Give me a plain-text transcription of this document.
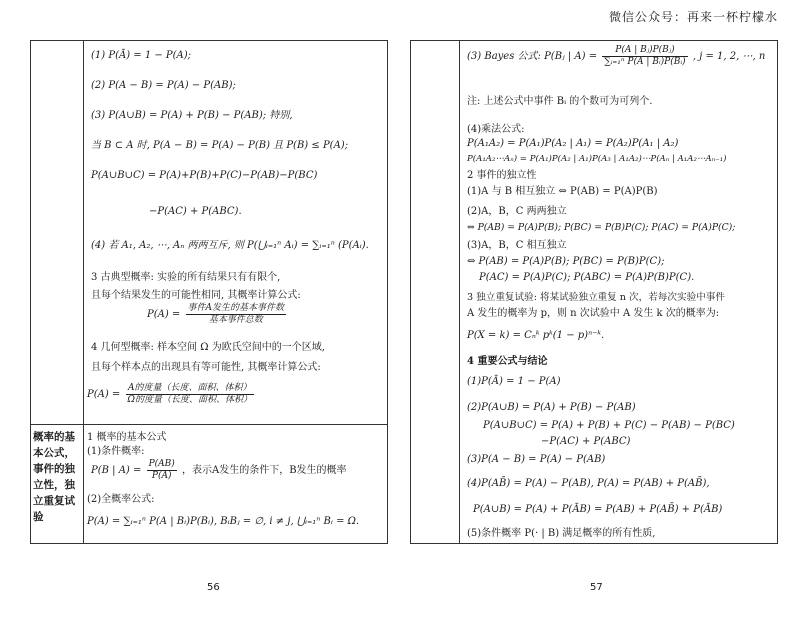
微信公众号：再来一杯柠檬水
概率的基本公式，事件的独立性，独立重复试验
(1) P(Ā) = 1 − P(A);
(2) P(A − B) = P(A) − P(AB);
(3) P(A∪B) = P(A) + P(B) − P(AB); 特别,
当 B ⊂ A 时, P(A − B) = P(A) − P(B) 且 P(B) ≤ P(A);
P(A∪B∪C) = P(A)+P(B)+P(C)−P(AB)−P(BC)
−P(AC) + P(ABC).
(4) 若 A₁, A₂, ⋯, Aₙ 两两互斥, 则 P(⋃ᵢ₌₁ⁿ Aᵢ) = ∑ᵢ₌₁ⁿ (P(Aᵢ).
3 古典型概率: 实验的所有结果只有有限个,
且每个结果发生的可能性相同, 其概率计算公式:
$P(A) = \frac{\text{事件A发生的基本事件数}}{\text{基本事件总数}}$
4 几何型概率: 样本空间 Ω 为欧氏空间中的一个区域,
且每个样本点的出现具有等可能性, 其概率计算公式:
$P(A) = \frac{\text{A的度量（长度、面积、体积）}}{\text{Ω的度量（长度、面积、体积）}}$
1 概率的基本公式
(1)条件概率:
P(B | $A) = \frac{P(AB)}{P(A)}$ ，表示A发生的条件下，B发生的概率
(2)全概率公式:
P(A) = ∑ᵢ₌₁ⁿ P(A | Bᵢ)P(Bᵢ), BᵢBⱼ = ∅, i ≠ j, ⋃ᵢ₌₁ⁿ Bᵢ = Ω.
56
(3) Bayes 公式: P(Bⱼ | $A) = \frac{\text{P(A | Bⱼ)P(Bⱼ)}}{\text{∑ᵢ₌₁ⁿ P(A | Bᵢ)P(Bᵢ)}}$ , j = 1, 2, ⋯, n
注: 上述公式中事件 Bᵢ 的个数可为可列个.
(4)乘法公式:
P(A₁A₂) = P(A₁)P(A₂ | A₁) = P(A₂)P(A₁ | A₂)
P(A₁A₂⋯Aₙ) = P(A₁)P(A₂ | A₁)P(A₃ | A₁A₂)⋯P(Aₙ | A₁A₂⋯Aₙ₋₁)
2 事件的独立性
(1)A 与 B 相互独立 ⇔ P(AB) = P(A)P(B)
(2)A，B，C 两两独立
⇔ P(AB) = P(A)P(B); P(BC) = P(B)P(C); P(AC) = P(A)P(C);
(3)A，B，C 相互独立
⇔ P(AB) = P(A)P(B); P(BC) = P(B)P(C);
P(AC) = P(A)P(C); P(ABC) = P(A)P(B)P(C).
3 独立重复试验: 将某试验独立重复 n 次，若每次实验中事件
A 发生的概率为 p，则 n 次试验中 A 发生 k 次的概率为:
P(X = k) = Cₙᵏ pᵏ(1 − p)ⁿ⁻ᵏ.
4 重要公式与结论
(1)P(Ā) = 1 − P(A)
(2)P(A∪B) = P(A) + P(B) − P(AB)
P(A∪B∪C) = P(A) + P(B) + P(C) − P(AB) − P(BC)
−P(AC) + P(ABC)
(3)P(A − B) = P(A) − P(AB)
(4)P(AB̄) = P(A) − P(AB), P(A) = P(AB) + P(AB̄),
P(A∪B) = P(A) + P(ĀB) = P(AB) + P(AB̄) + P(ĀB)
(5)条件概率 P(· | B) 满足概率的所有性质,
57
